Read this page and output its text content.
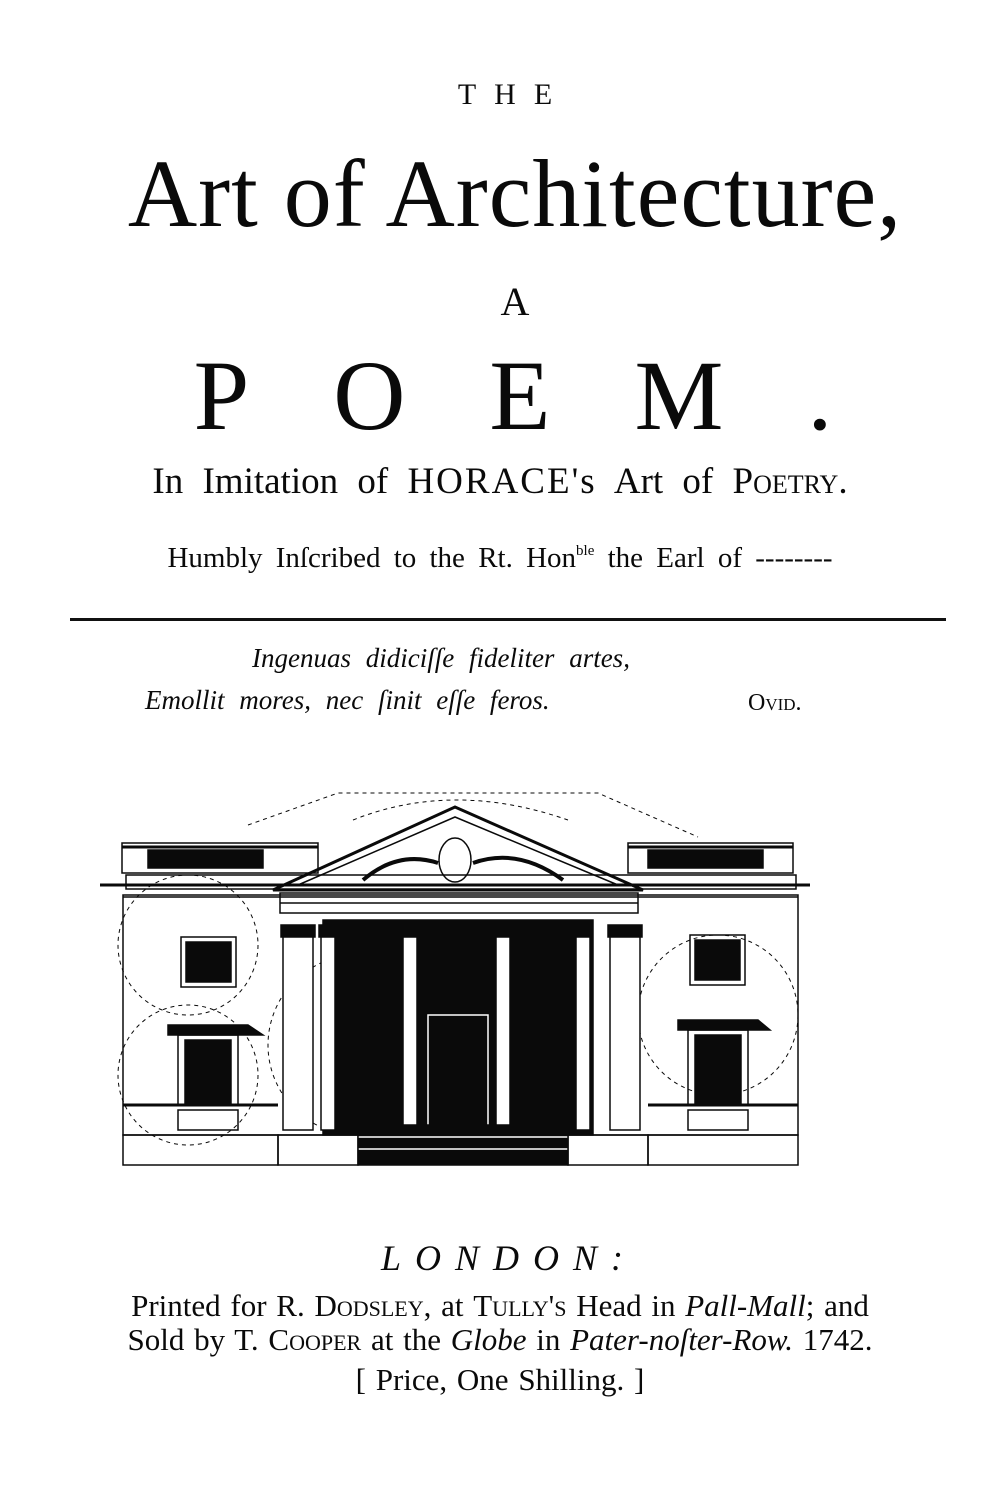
THE
Art of Architecture,
A
POEM.
In Imitation of HORACE's Art of Poetry.
Humbly Inſcribed to the Rt. Hon$^{ble}$ the Earl of --------
Ingenuas didiciſſe fideliter artes,
Emollit mores, nec ſinit eſſe feros.	Ovid.
LONDON:
Printed for R. Dodsley, at Tully's Head in Pall-Mall; and
Sold by T. Cooper at the Globe in Pater-noſter-Row. 1742.
[ Price, One Shilling. ]
